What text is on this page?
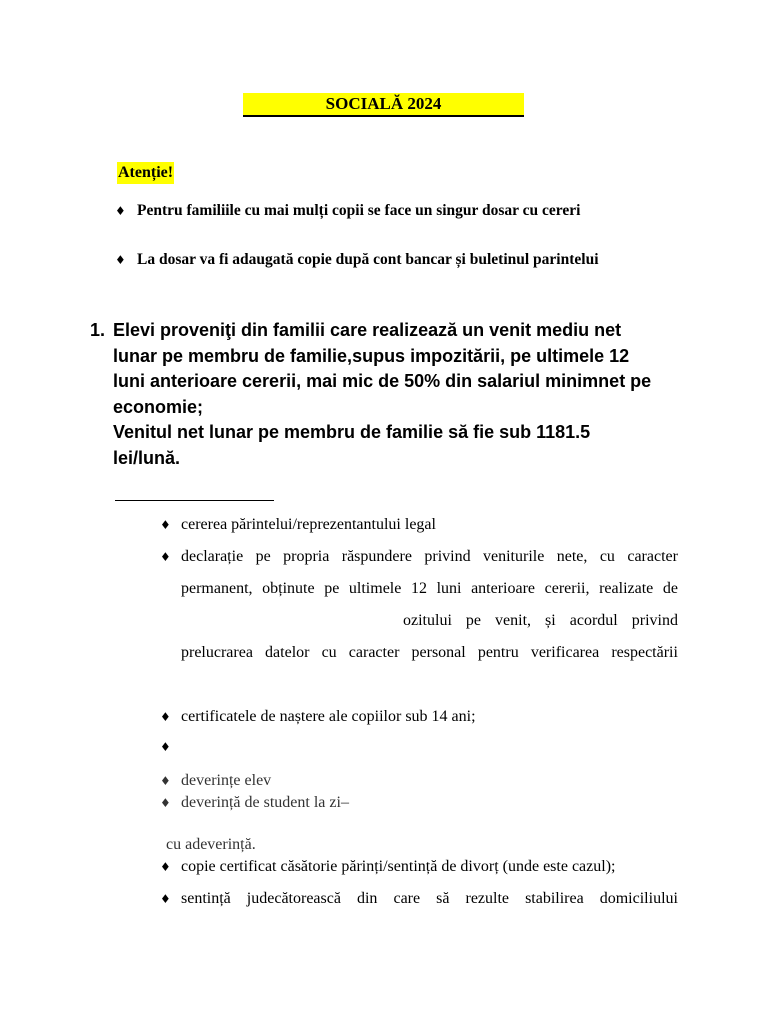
SOCIALĂ 2024
Atenție!
♦ Pentru familiile cu mai mulți copii se face un singur dosar cu cereri
♦ La dosar va fi adaugată copie după cont bancar și buletinul parintelui
1. Elevi proveniţi din familii care realizează un venit mediu net
lunar pe membru de familie,supus impozitării, pe ultimele 12
luni anterioare cererii, mai mic de 50% din salariul minimnet pe
economie;
Venitul net lunar pe membru de familie să fie sub 1181.5
lei/lună.
♦ cererea părintelui/reprezentantului legal
♦ declarație pe propria răspundere privind veniturile nete, cu caracter
permanent, obținute pe ultimele 12 luni anterioare cererii, realizate de
ozitului pe venit, și acordul privind
prelucrarea datelor cu caracter personal pentru verificarea respectării
♦ certificatele de naștere ale copiilor sub 14 ani;
♦
♦ deverințe elev
♦ deverință de student la zi–
cu adeverință.
♦ copie certificat căsătorie părinți/sentință de divorț (unde este cazul);
♦ sentință judecătorească din care să rezulte stabilirea domiciliului
